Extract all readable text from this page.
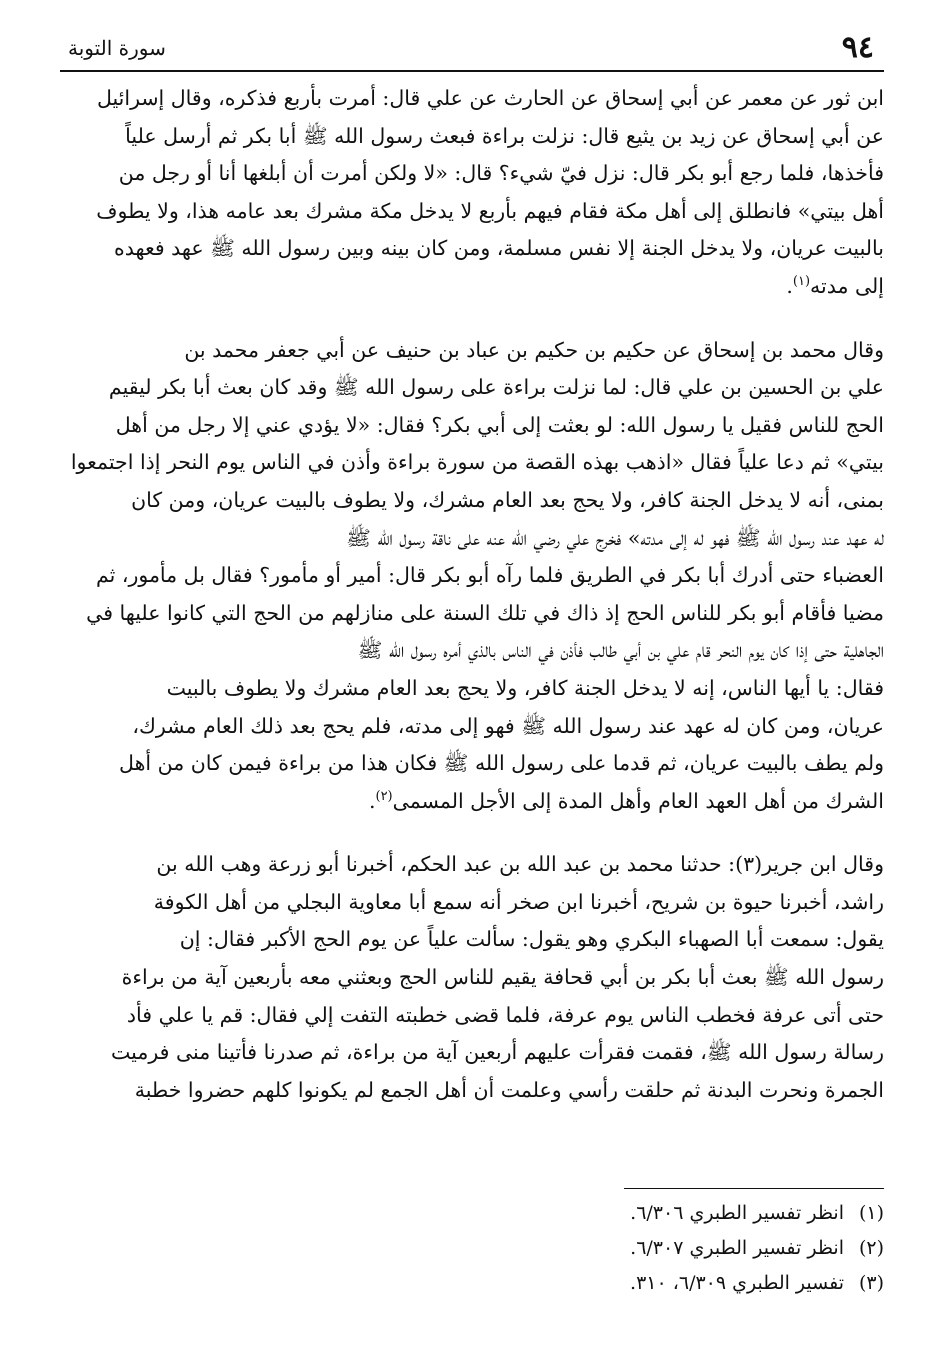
٩٤
سورة التوبة
ابن ثور عن معمر عن أبي إسحاق عن الحارث عن علي قال: أمرت بأربع فذكره، وقال إسرائيل
عن أبي إسحاق عن زيد بن يثيع قال: نزلت براءة فبعث رسول الله ﷺ أبا بكر ثم أرسل علياً
فأخذها، فلما رجع أبو بكر قال: نزل فيّ شيء؟ قال: «لا ولكن أمرت أن أبلغها أنا أو رجل من
أهل بيتي» فانطلق إلى أهل مكة فقام فيهم بأربع لا يدخل مكة مشرك بعد عامه هذا، ولا يطوف
بالبيت عريان، ولا يدخل الجنة إلا نفس مسلمة، ومن كان بينه وبين رسول الله ﷺ عهد فعهده
إلى مدته$^{(١)}$.
وقال محمد بن إسحاق عن حكيم بن حكيم بن عباد بن حنيف عن أبي جعفر محمد بن
علي بن الحسين بن علي قال: لما نزلت براءة على رسول الله ﷺ وقد كان بعث أبا بكر ليقيم
الحج للناس فقيل يا رسول الله: لو بعثت إلى أبي بكر؟ فقال: «لا يؤدي عني إلا رجل من أهل
بيتي» ثم دعا علياً فقال «اذهب بهذه القصة من سورة براءة وأذن في الناس يوم النحر إذا اجتمعوا
بمنى، أنه لا يدخل الجنة كافر، ولا يحج بعد العام مشرك، ولا يطوف بالبيت عريان، ومن كان
له عهد عند رسول الله ﷺ فهو له إلى مدته» فخرج علي رضي الله عنه على ناقة رسول الله ﷺ
العضباء حتى أدرك أبا بكر في الطريق فلما رآه أبو بكر قال: أمير أو مأمور؟ فقال بل مأمور، ثم
مضيا فأقام أبو بكر للناس الحج إذ ذاك في تلك السنة على منازلهم من الحج التي كانوا عليها في
الجاهلية حتى إذا كان يوم النحر قام علي بن أبي طالب فأذن في الناس بالذي أمره رسول الله ﷺ
فقال: يا أيها الناس، إنه لا يدخل الجنة كافر، ولا يحج بعد العام مشرك ولا يطوف بالبيت
عريان، ومن كان له عهد عند رسول الله ﷺ فهو إلى مدته، فلم يحج بعد ذلك العام مشرك،
ولم يطف بالبيت عريان، ثم قدما على رسول الله ﷺ فكان هذا من براءة فيمن كان من أهل
الشرك من أهل العهد العام وأهل المدة إلى الأجل المسمى$^{(٢)}$.
وقال ابن جرير(٣): حدثنا محمد بن عبد الله بن عبد الحكم، أخبرنا أبو زرعة وهب الله بن
راشد، أخبرنا حيوة بن شريح، أخبرنا ابن صخر أنه سمع أبا معاوية البجلي من أهل الكوفة
يقول: سمعت أبا الصهباء البكري وهو يقول: سألت علياً عن يوم الحج الأكبر فقال: إن
رسول الله ﷺ بعث أبا بكر بن أبي قحافة يقيم للناس الحج وبعثني معه بأربعين آية من براءة
حتى أتى عرفة فخطب الناس يوم عرفة، فلما قضى خطبته التفت إلي فقال: قم يا علي فأد
رسالة رسول الله ﷺ، فقمت فقرأت عليهم أربعين آية من براءة، ثم صدرنا فأتينا منى فرميت
الجمرة ونحرت البدنة ثم حلقت رأسي وعلمت أن أهل الجمع لم يكونوا كلهم حضروا خطبة
(١)انظر تفسير الطبري ٦/٣٠٦.
(٢)انظر تفسير الطبري ٦/٣٠٧.
(٣)تفسير الطبري ٦/٣٠٩، ٣١٠.
